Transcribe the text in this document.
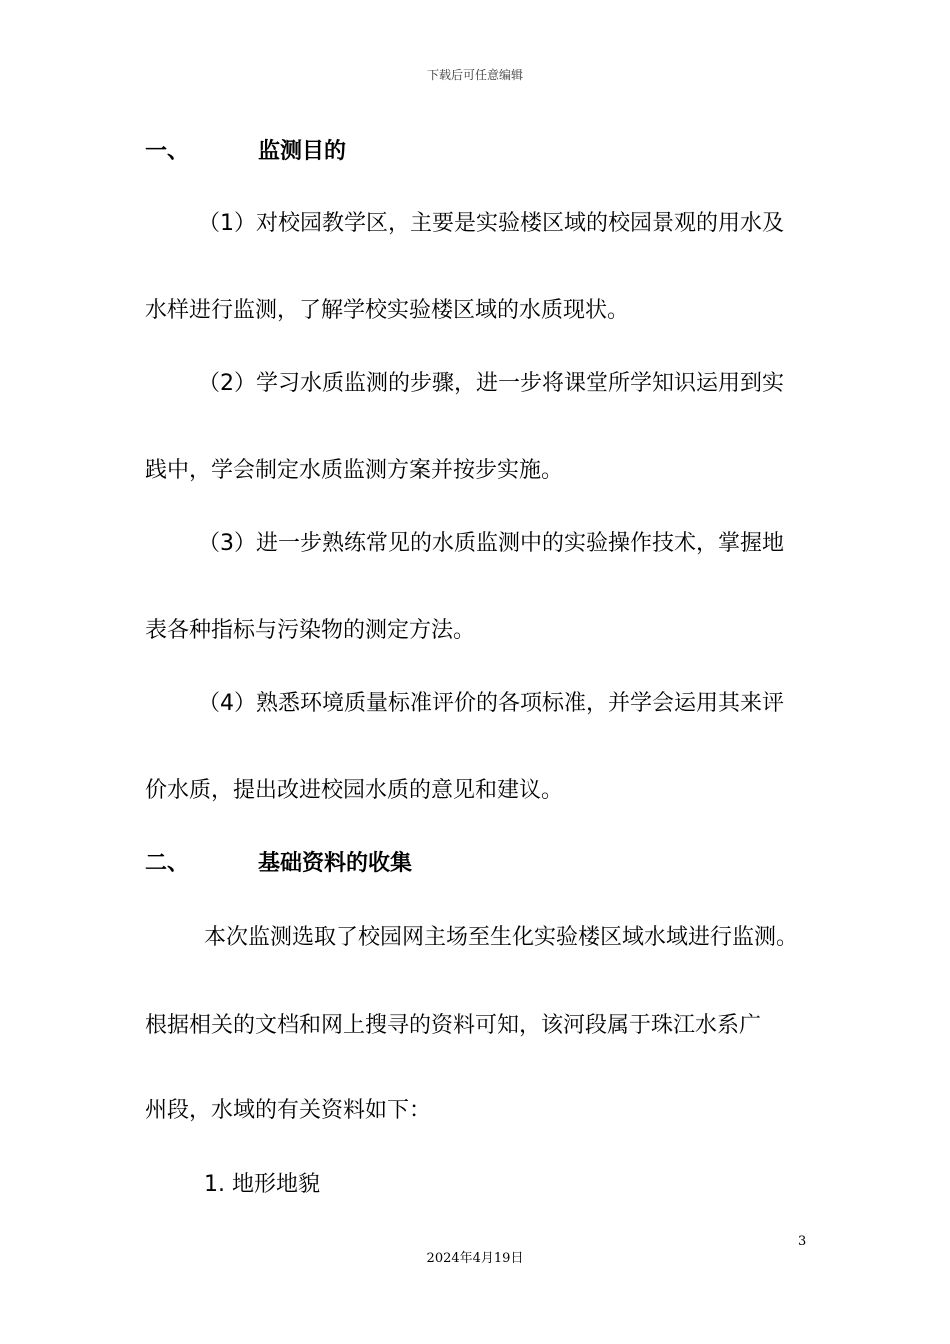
下载后可任意编辑
一、	监测目的
（1）对校园教学区，主要是实验楼区域的校园景观的用水及
水样进行监测，了解学校实验楼区域的水质现状。
（2）学习水质监测的步骤，进一步将课堂所学知识运用到实
践中，学会制定水质监测方案并按步实施。
（3）进一步熟练常见的水质监测中的实验操作技术，掌握地
表各种指标与污染物的测定方法。
（4）熟悉环境质量标准评价的各项标准，并学会运用其来评
价水质，提出改进校园水质的意见和建议。
二、	基础资料的收集
本次监测选取了校园网主场至生化实验楼区域水域进行监测。
根据相关的文档和网上搜寻的资料可知，该河段属于珠江水系广
州段，水域的有关资料如下：
1. 地形地貌
3
2024年4月19日
